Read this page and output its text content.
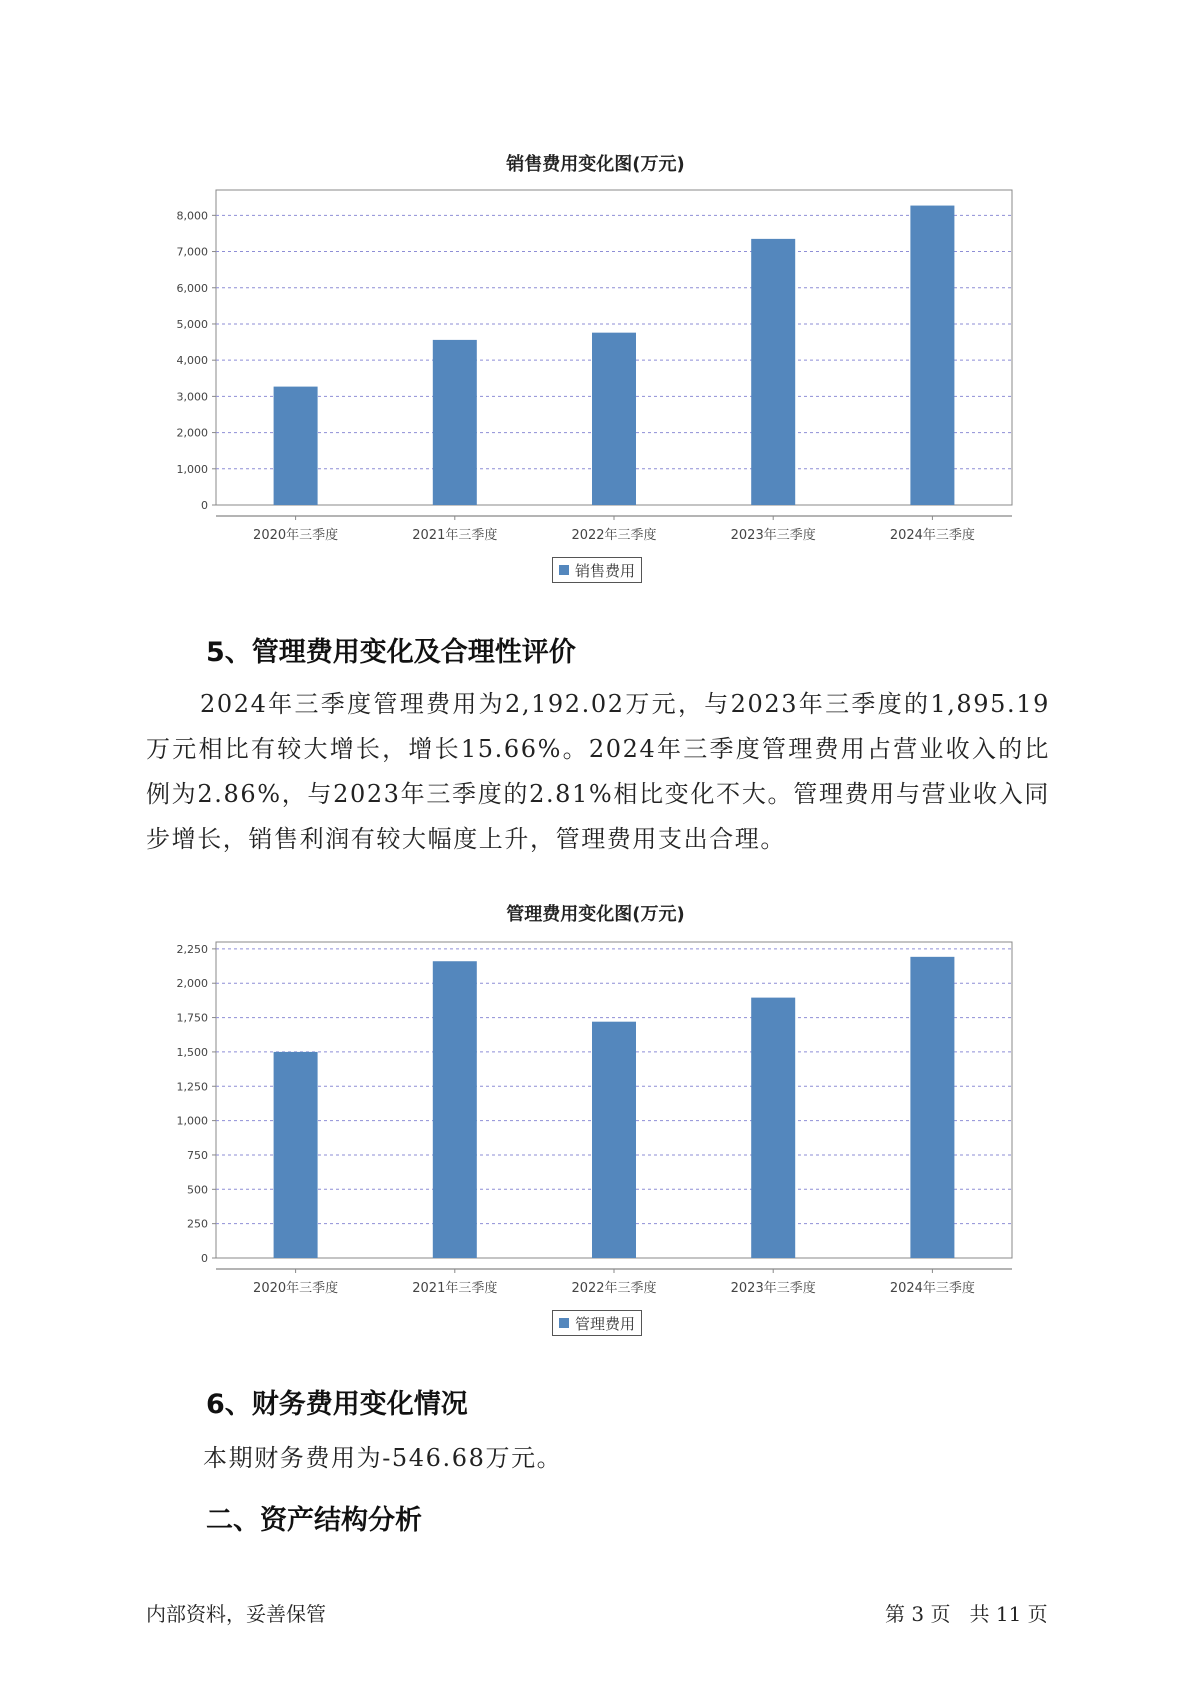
销售费用变化图(万元)
0
1,000
2,000
3,000
4,000
5,000
6,000
7,000
8,000
2020年三季度	2021年三季度	2022年三季度	2023年三季度	2024年三季度
销售费用
5、管理费用变化及合理性评价

2024年三季度管理费用为2,192.02万元，与2023年三季度的1,895.19万元相比有较大增长，增长15.66%。2024年三季度管理费用占营业收入的比例为2.86%，与2023年三季度的2.81%相比变化不大。管理费用与营业收入同步增长，销售利润有较大幅度上升，管理费用支出合理。

管理费用变化图(万元)
0
250
500
750
1,000
1,250
1,500
1,750
2,000
2,250
2020年三季度	2021年三季度	2022年三季度	2023年三季度	2024年三季度
管理费用
6、财务费用变化情况

本期财务费用为-546.68万元。

二、资产结构分析
内部资料，妥善保管	第 3 页   共 11 页
